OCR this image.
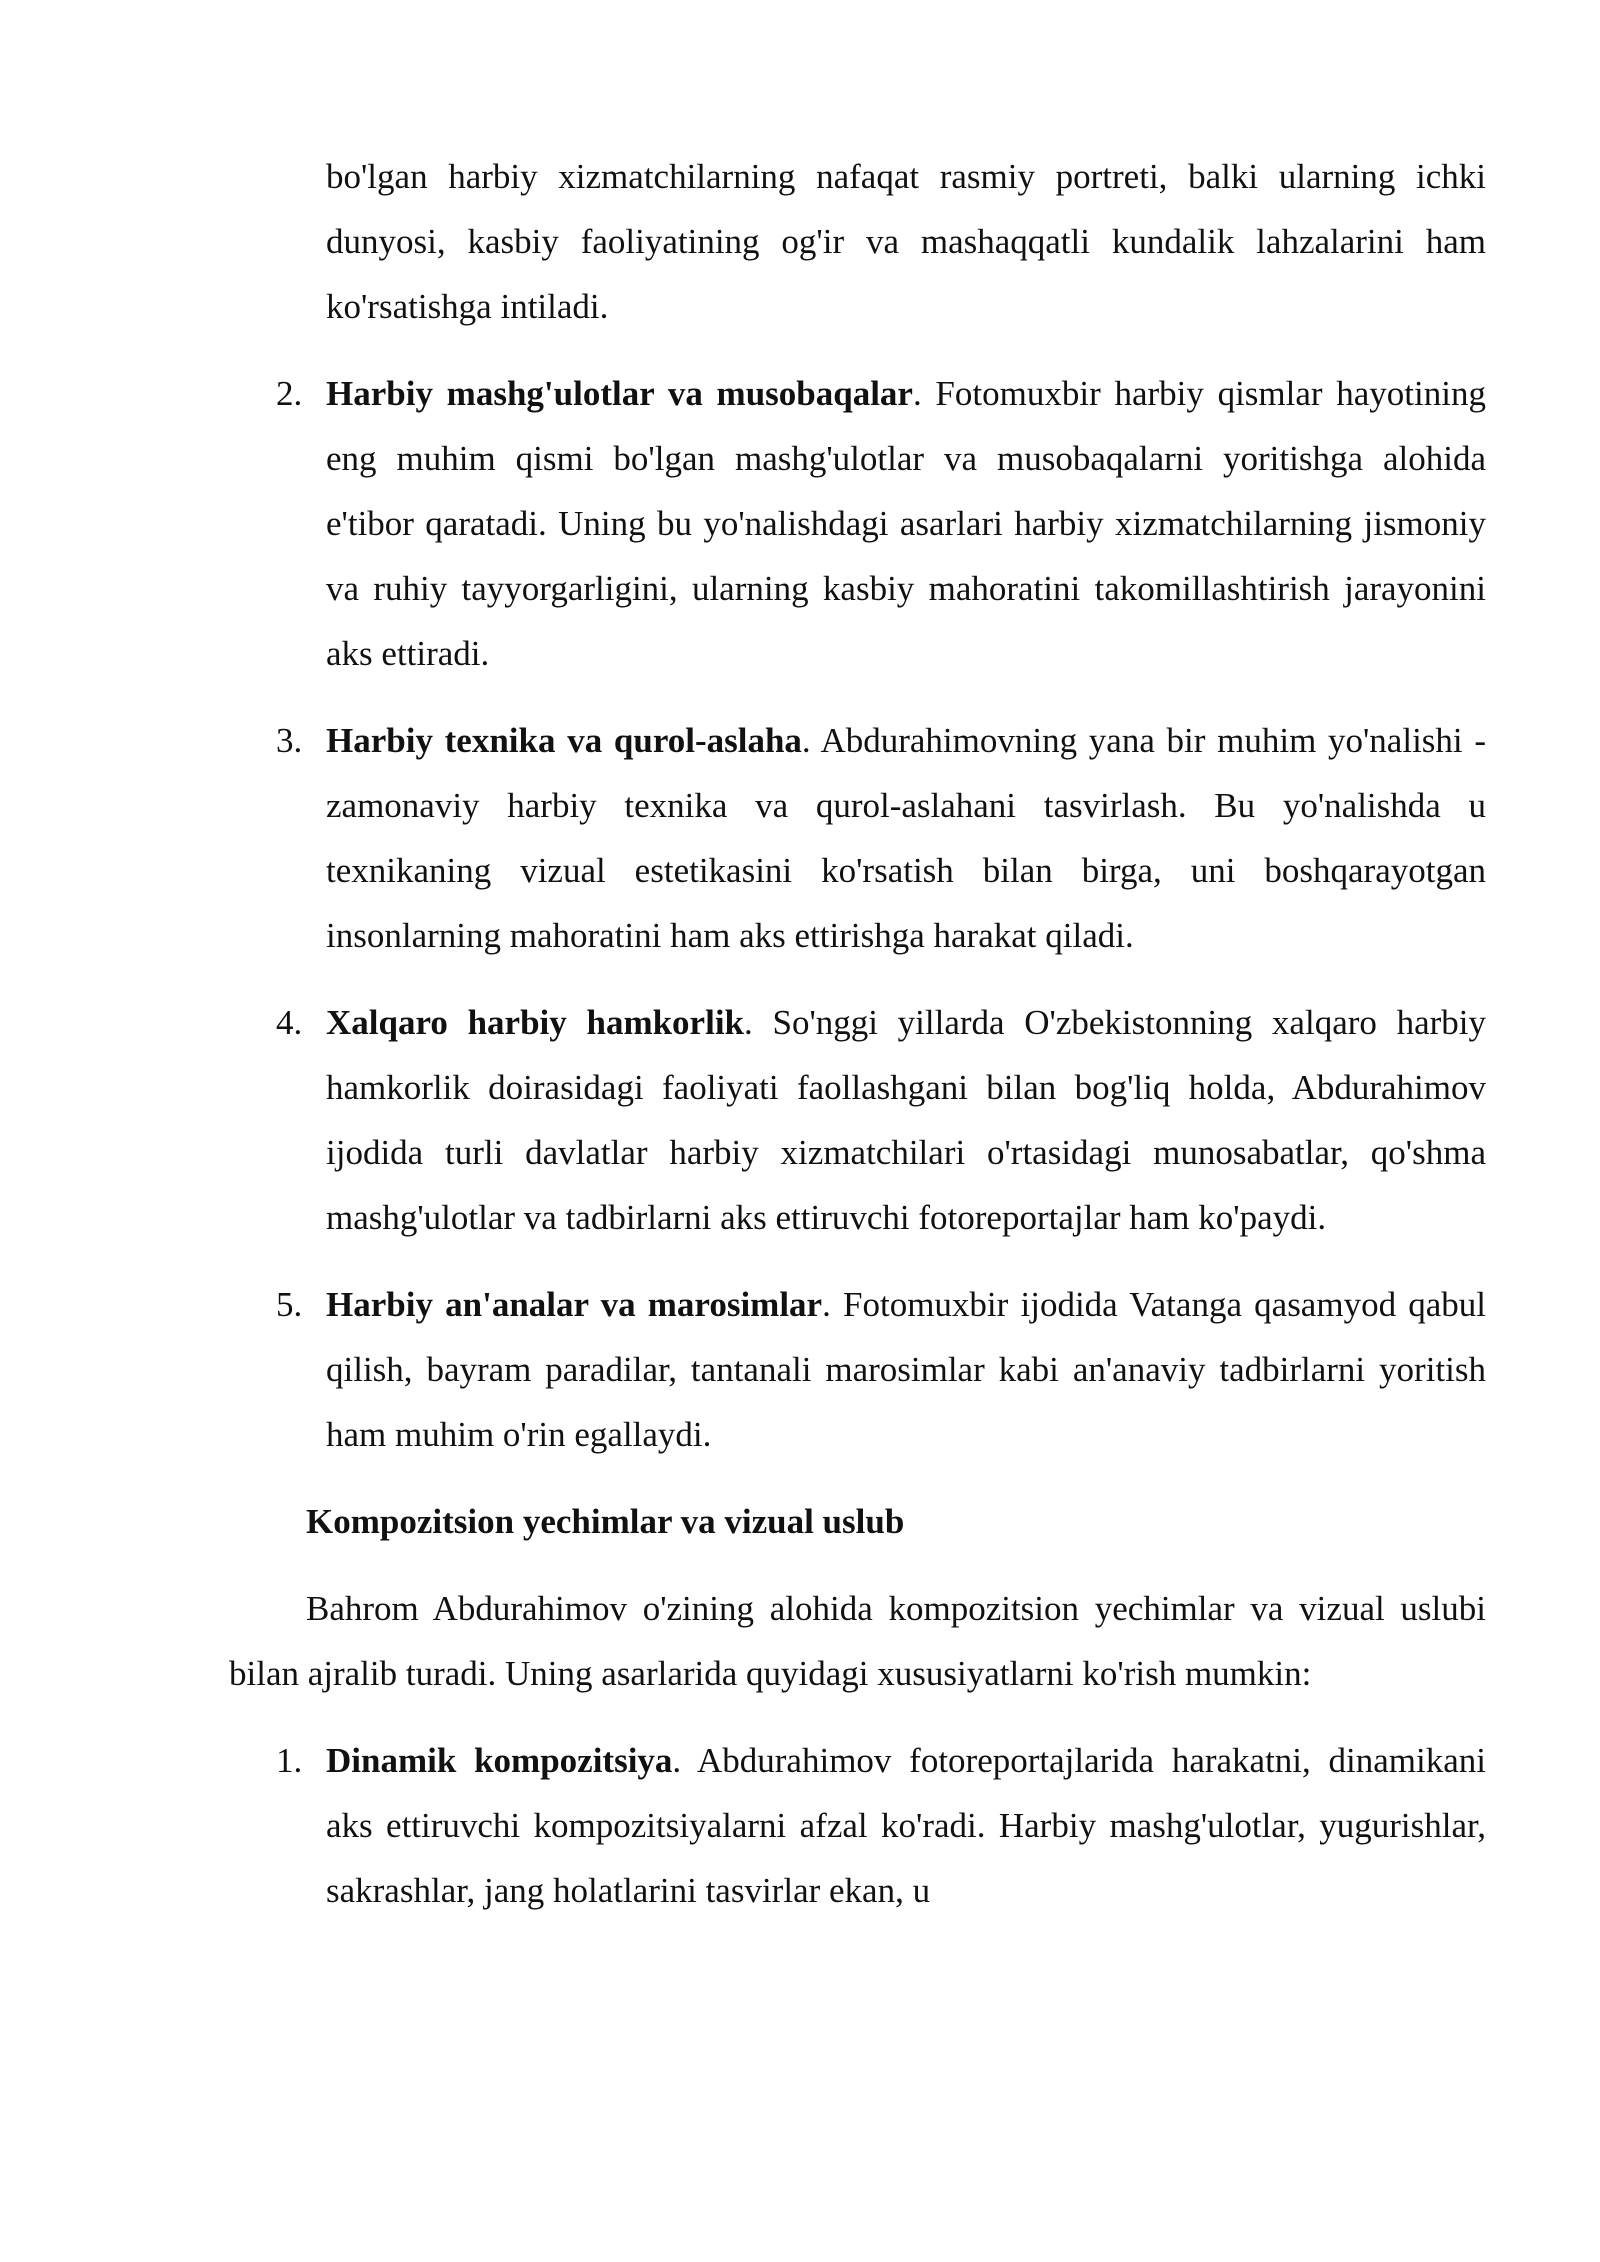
bo'lgan harbiy xizmatchilarning nafaqat rasmiy portreti, balki ularning ichki dunyosi, kasbiy faoliyatining og'ir va mashaqqatli kundalik lahzalarini ham ko'rsatishga intiladi.
2. Harbiy mashg'ulotlar va musobaqalar. Fotomuxbir harbiy qismlar hayotining eng muhim qismi bo'lgan mashg'ulotlar va musobaqalarni yoritishga alohida e'tibor qaratadi. Uning bu yo'nalishdagi asarlari harbiy xizmatchilarning jismoniy va ruhiy tayyorgarligini, ularning kasbiy mahoratini takomillashtirish jarayonini aks ettiradi.
3. Harbiy texnika va qurol-aslaha. Abdurahimovning yana bir muhim yo'nalishi - zamonaviy harbiy texnika va qurol-aslahani tasvirlash. Bu yo'nalishda u texnikaning vizual estetikasini ko'rsatish bilan birga, uni boshqarayotgan insonlarning mahoratini ham aks ettirishga harakat qiladi.
4. Xalqaro harbiy hamkorlik. So'nggi yillarda O'zbekistonning xalqaro harbiy hamkorlik doirasidagi faoliyati faollashgani bilan bog'liq holda, Abdurahimov ijodida turli davlatlar harbiy xizmatchilari o'rtasidagi munosabatlar, qo'shma mashg'ulotlar va tadbirlarni aks ettiruvchi fotoreportajlar ham ko'paydi.
5. Harbiy an'analar va marosimlar. Fotomuxbir ijodida Vatanga qasamyod qabul qilish, bayram paradilar, tantanali marosimlar kabi an'anaviy tadbirlarni yoritish ham muhim o'rin egallaydi.
Kompozitsion yechimlar va vizual uslub
Bahrom Abdurahimov o'zining alohida kompozitsion yechimlar va vizual uslubi bilan ajralib turadi. Uning asarlarida quyidagi xususiyatlarni ko'rish mumkin:
1. Dinamik kompozitsiya. Abdurahimov fotoreportajlarida harakatni, dinamikani aks ettiruvchi kompozitsiyalarni afzal ko'radi. Harbiy mashg'ulotlar, yugurishlar, sakrashlar, jang holatlarini tasvirlar ekan, u
